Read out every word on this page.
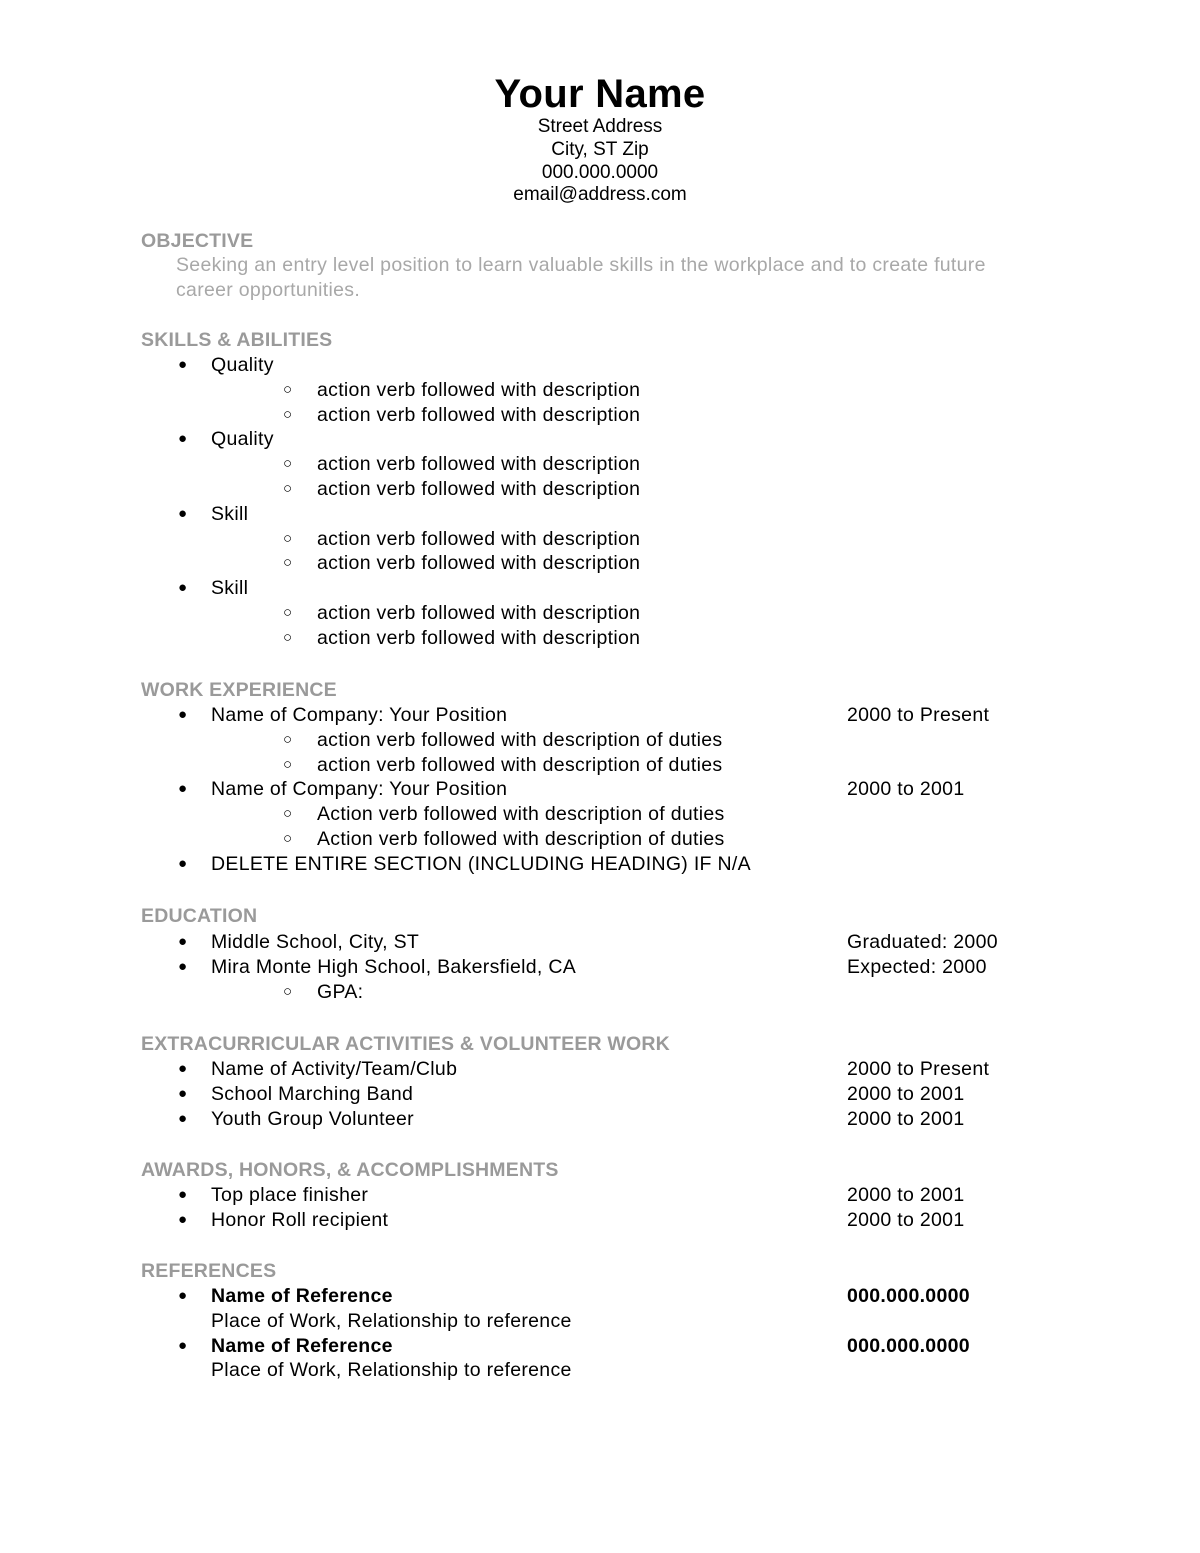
Your Name
Street Address
City, ST Zip
000.000.0000
email@address.com
OBJECTIVE
Seeking an entry level position to learn valuable skills in the workplace and to create future
career opportunities.
SKILLS & ABILITIES
● Quality
○ action verb followed with description
○ action verb followed with description
● Quality
○ action verb followed with description
○ action verb followed with description
● Skill
○ action verb followed with description
○ action verb followed with description
● Skill
○ action verb followed with description
○ action verb followed with description
WORK EXPERIENCE
● Name of Company: Your Position	2000 to Present
○ action verb followed with description of duties
○ action verb followed with description of duties
● Name of Company: Your Position	2000 to 2001
○ Action verb followed with description of duties
○ Action verb followed with description of duties
● DELETE ENTIRE SECTION (INCLUDING HEADING) IF N/A
EDUCATION
● Middle School, City, ST	Graduated: 2000
● Mira Monte High School, Bakersfield, CA	Expected: 2000
○ GPA:
EXTRACURRICULAR ACTIVITIES & VOLUNTEER WORK
● Name of Activity/Team/Club	2000 to Present
● School Marching Band	2000 to 2001
● Youth Group Volunteer	2000 to 2001
AWARDS, HONORS, & ACCOMPLISHMENTS
● Top place finisher	2000 to 2001
● Honor Roll recipient	2000 to 2001
REFERENCES
● Name of Reference	000.000.0000
Place of Work, Relationship to reference
● Name of Reference	000.000.0000
Place of Work, Relationship to reference
